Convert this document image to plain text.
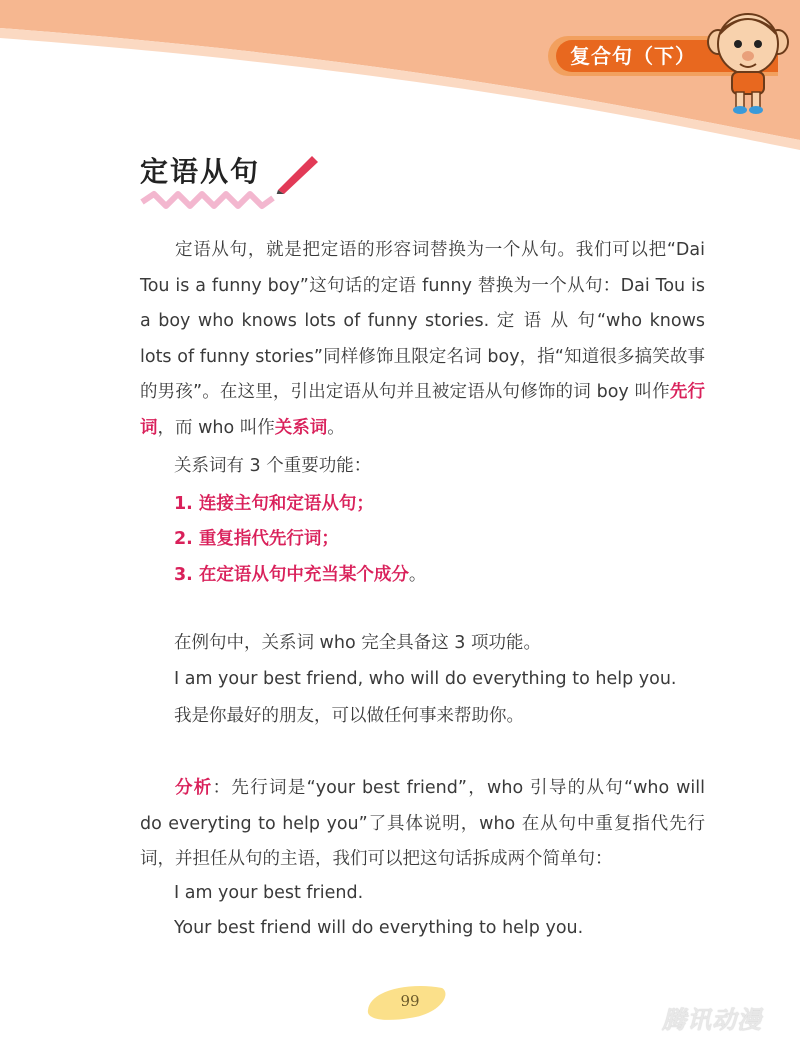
复合句（下）
定语从句
定语从句，就是把定语的形容词替换为一个从句。我们可以把“Dai Tou is a funny boy”这句话的定语 funny 替换为一个从句：Dai Tou is a boy who knows lots of funny stories. 定 语 从 句“who knows lots of funny stories”同样修饰且限定名词 boy，指“知道很多搞笑故事的男孩”。在这里，引出定语从句并且被定语从句修饰的词 boy 叫作先行词，而 who 叫作关系词。
关系词有 3 个重要功能：
1. 连接主句和定语从句；
2. 重复指代先行词；
3. 在定语从句中充当某个成分。
在例句中，关系词 who 完全具备这 3 项功能。
I am your best friend, who will do everything to help you.
我是你最好的朋友，可以做任何事来帮助你。
分析：先行词是“your best friend”，who 引导的从句“who will do everyting to help you”了具体说明，who 在从句中重复指代先行词，并担任从句的主语，我们可以把这句话拆成两个简单句：
I am your best friend.
Your best friend will do everything to help you.
99
腾讯动漫
